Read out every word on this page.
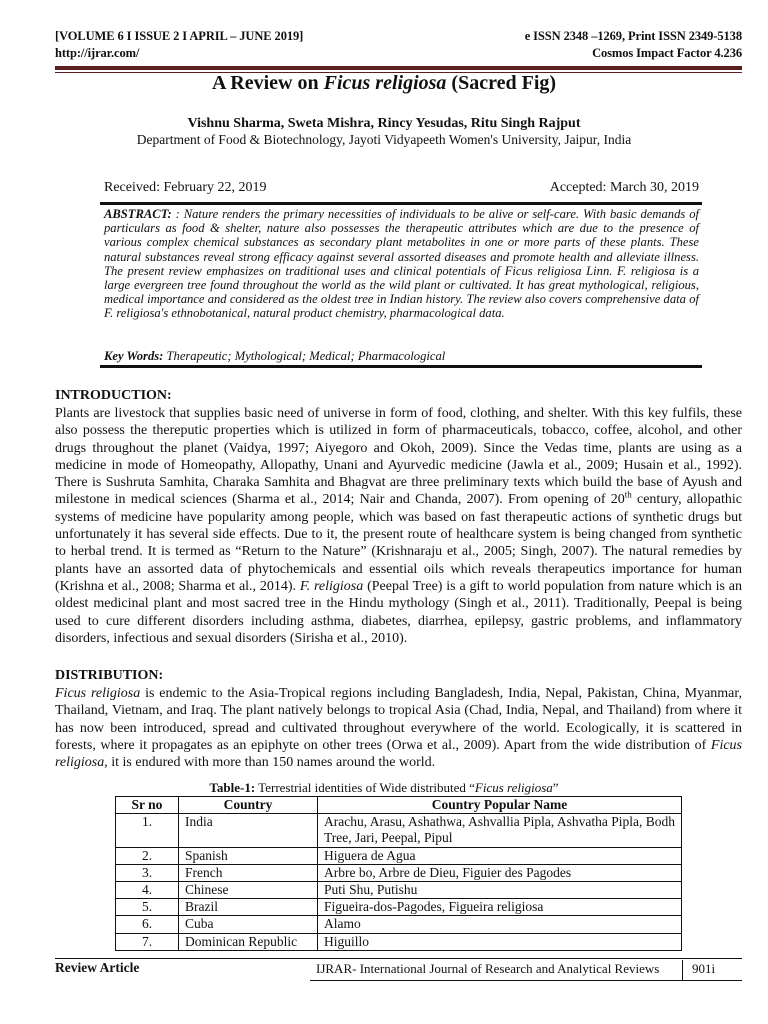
[VOLUME 6 I ISSUE 2 I APRIL – JUNE 2019]
http://ijrar.com/
e ISSN 2348 –1269, Print ISSN 2349-5138
Cosmos Impact Factor 4.236
A Review on Ficus religiosa (Sacred Fig)
Vishnu Sharma, Sweta Mishra, Rincy Yesudas, Ritu Singh Rajput
Department of Food & Biotechnology, Jayoti Vidyapeeth Women's University, Jaipur, India
Received: February 22, 2019	Accepted: March 30, 2019
ABSTRACT: : Nature renders the primary necessities of individuals to be alive or self-care. With basic demands of particulars as food & shelter, nature also possesses the therapeutic attributes which are due to the presence of various complex chemical substances as secondary plant metabolites in one or more parts of these plants. These natural substances reveal strong efficacy against several assorted diseases and promote health and alleviate illness. The present review emphasizes on traditional uses and clinical potentials of Ficus religiosa Linn. F. religiosa is a large evergreen tree found throughout the world as the wild plant or cultivated. It has great mythological, religious, medical importance and considered as the oldest tree in Indian history. The review also covers comprehensive data of F. religiosa's ethnobotanical, natural product chemistry, pharmacological data.
Key Words: Therapeutic; Mythological; Medical; Pharmacological
INTRODUCTION:
Plants are livestock that supplies basic need of universe in form of food, clothing, and shelter. With this key fulfils, these also possess the thereputic properties which is utilized in form of pharmaceuticals, tobacco, coffee, alcohol, and other drugs throughout the planet (Vaidya, 1997; Aiyegoro and Okoh, 2009). Since the Vedas time, plants are using as a medicine in mode of Homeopathy, Allopathy, Unani and Ayurvedic medicine (Jawla et al., 2009; Husain et al., 1992). There is Sushruta Samhita, Charaka Samhita and Bhagvat are three preliminary texts which build the base of Ayush and milestone in medical sciences (Sharma et al., 2014; Nair and Chanda, 2007). From opening of 20th century, allopathic systems of medicine have popularity among people, which was based on fast therapeutic actions of synthetic drugs but unfortunately it has several side effects. Due to it, the present route of healthcare system is being changed from synthetic to herbal trend. It is termed as “Return to the Nature” (Krishnaraju et al., 2005; Singh, 2007). The natural remedies by plants have an assorted data of phytochemicals and essential oils which reveals therapeutics importance for human (Krishna et al., 2008; Sharma et al., 2014). F. religiosa (Peepal Tree) is a gift to world population from nature which is an oldest medicinal plant and most sacred tree in the Hindu mythology (Singh et al., 2011). Traditionally, Peepal is being used to cure different disorders including asthma, diabetes, diarrhea, epilepsy, gastric problems, and inflammatory disorders, infectious and sexual disorders (Sirisha et al., 2010).
DISTRIBUTION:
Ficus religiosa is endemic to the Asia-Tropical regions including Bangladesh, India, Nepal, Pakistan, China, Myanmar, Thailand, Vietnam, and Iraq. The plant natively belongs to tropical Asia (Chad, India, Nepal, and Thailand) from where it has now been introduced, spread and cultivated throughout everywhere of the world. Ecologically, it is scattered in forests, where it propagates as an epiphyte on other trees (Orwa et al., 2009). Apart from the wide distribution of Ficus religiosa, it is endured with more than 150 names around the world.
Table-1: Terrestrial identities of Wide distributed “Ficus religiosa”
Sr no	Country	Country Popular Name
1.	India	Arachu, Arasu, Ashathwa, Ashvallia Pipla, Ashvatha Pipla, Bodh Tree, Jari, Peepal, Pipul
2.	Spanish	Higuera de Agua
3.	French	Arbre bo, Arbre de Dieu, Figuier des Pagodes
4.	Chinese	Puti Shu, Putishu
5.	Brazil	Figueira-dos-Pagodes, Figueira religiosa
6.	Cuba	Alamo
7.	Dominican Republic	Higuillo
Review Article	IJRAR- International Journal of Research and Analytical Reviews	901i
